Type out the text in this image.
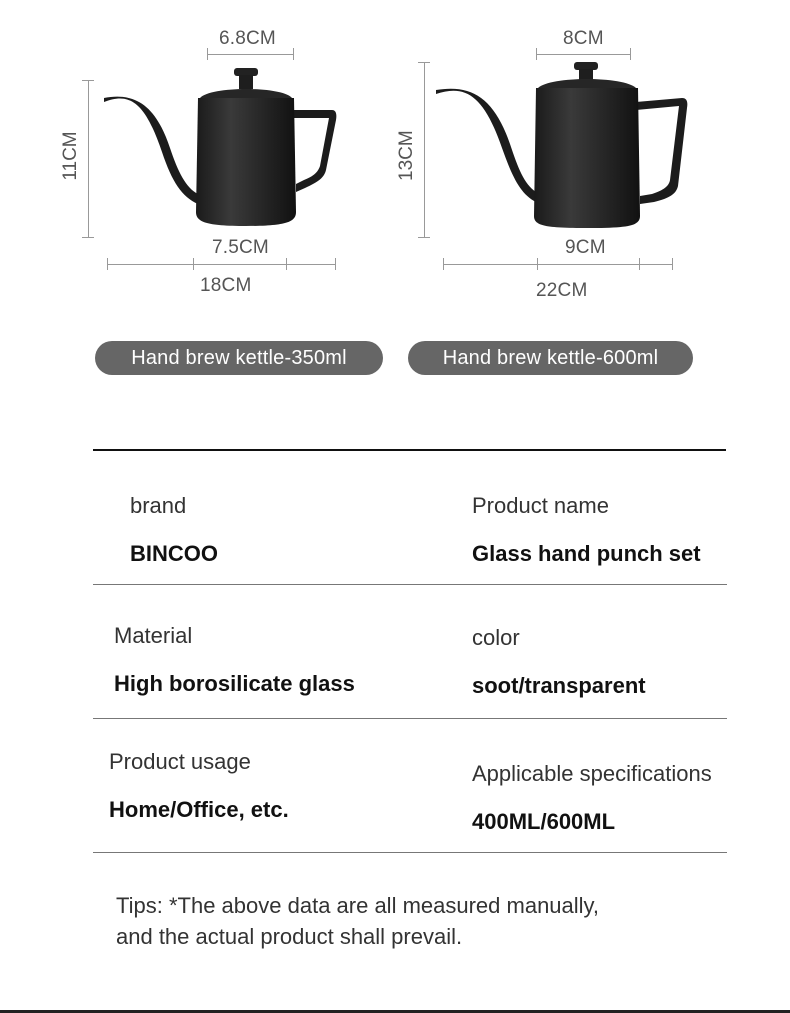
6.8CM
11CM
7.5CM
18CM
Hand brew kettle-350ml
8CM
13CM
9CM
22CM
Hand brew kettle-600ml
brand
BINCOO
Product name
Glass hand punch set
Material
High borosilicate glass
color
soot/transparent
Product usage
Home/Office, etc.
Applicable specifications
400ML/600ML
Tips: *The above data are all measured manually,
and the actual product shall prevail.
